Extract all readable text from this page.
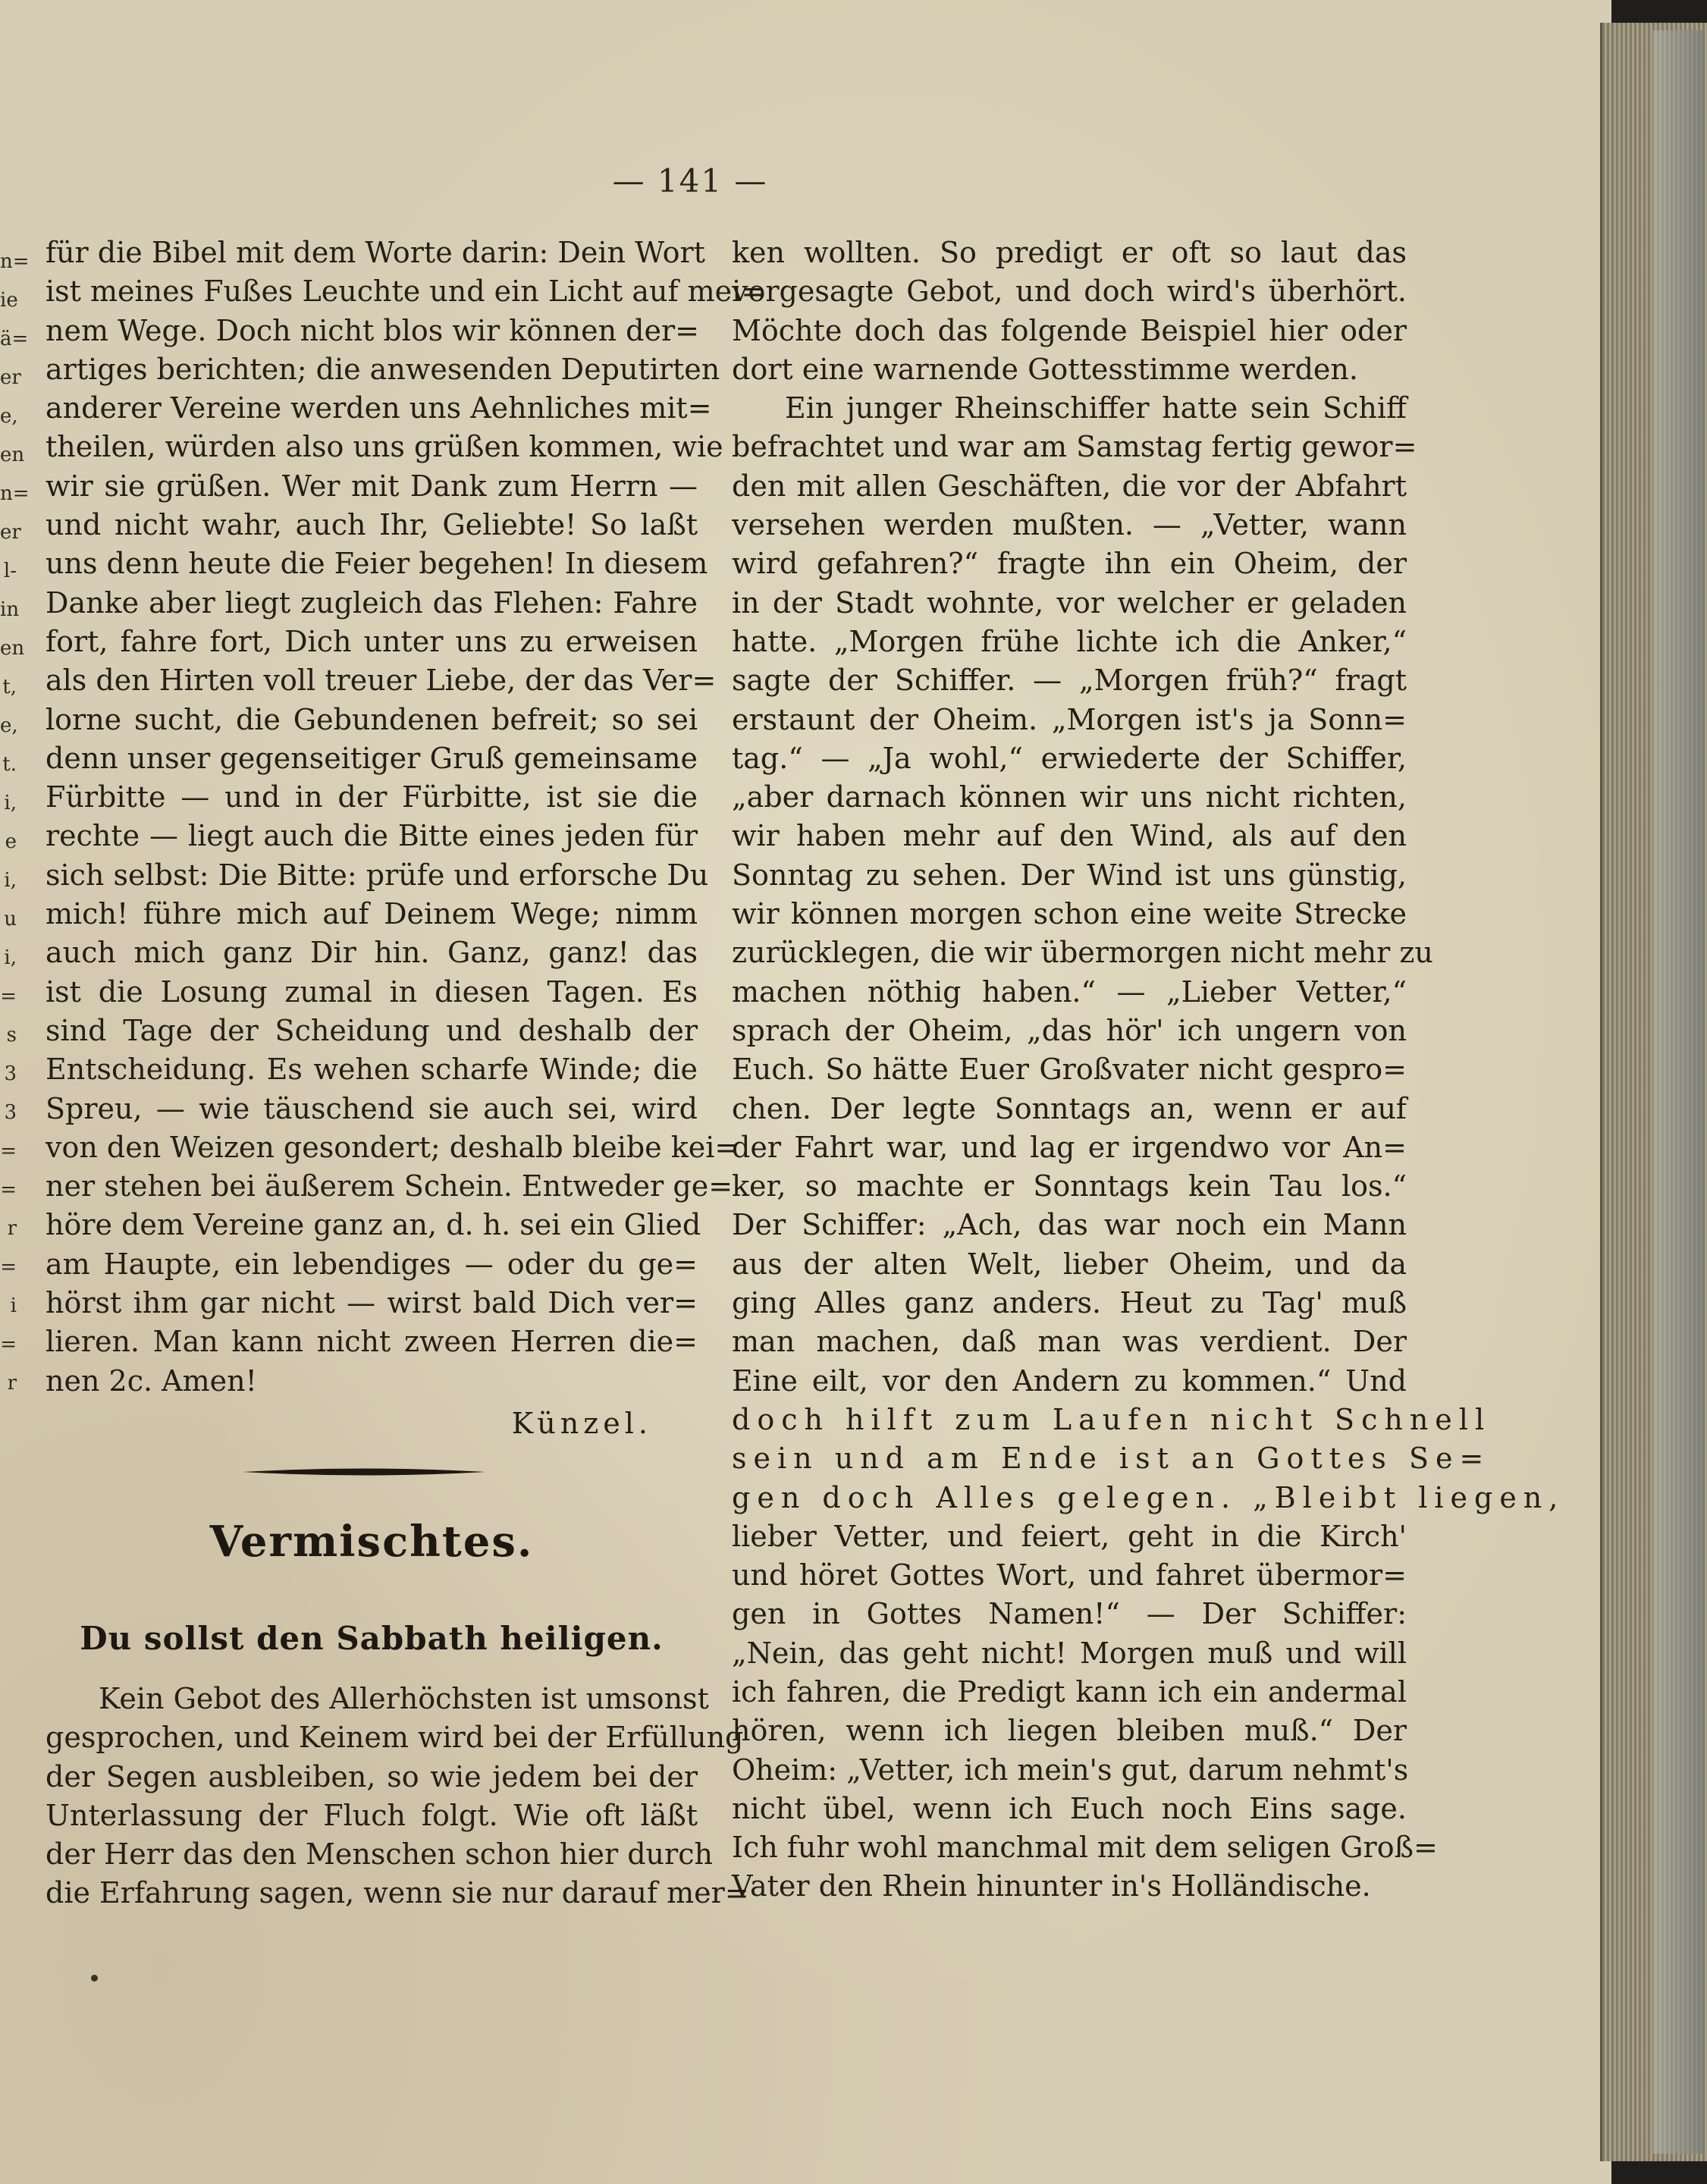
n=
ie
ä=
er
e,
en
n=
er
l-
in
en
t,
e,
t.
i,
e
i,
u
i,
=
s
3
3
=
=
r
=
i
=
r
— 141 —
für die Bibel mit dem Worte darin: Dein Wort
ist meines Fußes Leuchte und ein Licht auf mei=
nem Wege. Doch nicht blos wir können der=
artiges berichten; die anwesenden Deputirten
anderer Vereine werden uns Aehnliches mit=
theilen, würden also uns grüßen kommen, wie
wir sie grüßen. Wer mit Dank zum Herrn —
und nicht wahr, auch Ihr, Geliebte! So laßt
uns denn heute die Feier begehen! In diesem
Danke aber liegt zugleich das Flehen: Fahre
fort, fahre fort, Dich unter uns zu erweisen
als den Hirten voll treuer Liebe, der das Ver=
lorne sucht, die Gebundenen befreit; so sei
denn unser gegenseitiger Gruß gemeinsame
Fürbitte — und in der Fürbitte, ist sie die
rechte — liegt auch die Bitte eines jeden für
sich selbst: Die Bitte: prüfe und erforsche Du
mich! führe mich auf Deinem Wege; nimm
auch mich ganz Dir hin. Ganz, ganz! das
ist die Losung zumal in diesen Tagen. Es
sind Tage der Scheidung und deshalb der
Entscheidung. Es wehen scharfe Winde; die
Spreu, — wie täuschend sie auch sei, wird
von den Weizen gesondert; deshalb bleibe kei=
ner stehen bei äußerem Schein. Entweder ge=
höre dem Vereine ganz an, d. h. sei ein Glied
am Haupte, ein lebendiges — oder du ge=
hörst ihm gar nicht — wirst bald Dich ver=
lieren. Man kann nicht zween Herren die=
nen 2c. Amen!
Künzel.
Vermischtes.
Du sollst den Sabbath heiligen.
Kein Gebot des Allerhöchsten ist umsonst
gesprochen, und Keinem wird bei der Erfüllung
der Segen ausbleiben, so wie jedem bei der
Unterlassung der Fluch folgt. Wie oft läßt
der Herr das den Menschen schon hier durch
die Erfahrung sagen, wenn sie nur darauf mer=
ken wollten. So predigt er oft so laut das
vorgesagte Gebot, und doch wird's überhört.
Möchte doch das folgende Beispiel hier oder
dort eine warnende Gottesstimme werden.
Ein junger Rheinschiffer hatte sein Schiff
befrachtet und war am Samstag fertig gewor=
den mit allen Geschäften, die vor der Abfahrt
versehen werden mußten. — „Vetter, wann
wird gefahren?“ fragte ihn ein Oheim, der
in der Stadt wohnte, vor welcher er geladen
hatte. „Morgen frühe lichte ich die Anker,“
sagte der Schiffer. — „Morgen früh?“ fragt
erstaunt der Oheim. „Morgen ist's ja Sonn=
tag.“ — „Ja wohl,“ erwiederte der Schiffer,
„aber darnach können wir uns nicht richten,
wir haben mehr auf den Wind, als auf den
Sonntag zu sehen. Der Wind ist uns günstig,
wir können morgen schon eine weite Strecke
zurücklegen, die wir übermorgen nicht mehr zu
machen nöthig haben.“ — „Lieber Vetter,“
sprach der Oheim, „das hör' ich ungern von
Euch. So hätte Euer Großvater nicht gespro=
chen. Der legte Sonntags an, wenn er auf
der Fahrt war, und lag er irgendwo vor An=
ker, so machte er Sonntags kein Tau los.“
Der Schiffer: „Ach, das war noch ein Mann
aus der alten Welt, lieber Oheim, und da
ging Alles ganz anders. Heut zu Tag' muß
man machen, daß man was verdient. Der
Eine eilt, vor den Andern zu kommen.“ Und
doch hilft zum Laufen nicht Schnell
sein und am Ende ist an Gottes Se=
gen doch Alles gelegen. „Bleibt liegen,
lieber Vetter, und feiert, geht in die Kirch'
und höret Gottes Wort, und fahret übermor=
gen in Gottes Namen!“ — Der Schiffer:
„Nein, das geht nicht! Morgen muß und will
ich fahren, die Predigt kann ich ein andermal
hören, wenn ich liegen bleiben muß.“ Der
Oheim: „Vetter, ich mein's gut, darum nehmt's
nicht übel, wenn ich Euch noch Eins sage.
Ich fuhr wohl manchmal mit dem seligen Groß=
Vater den Rhein hinunter in's Holländische.
